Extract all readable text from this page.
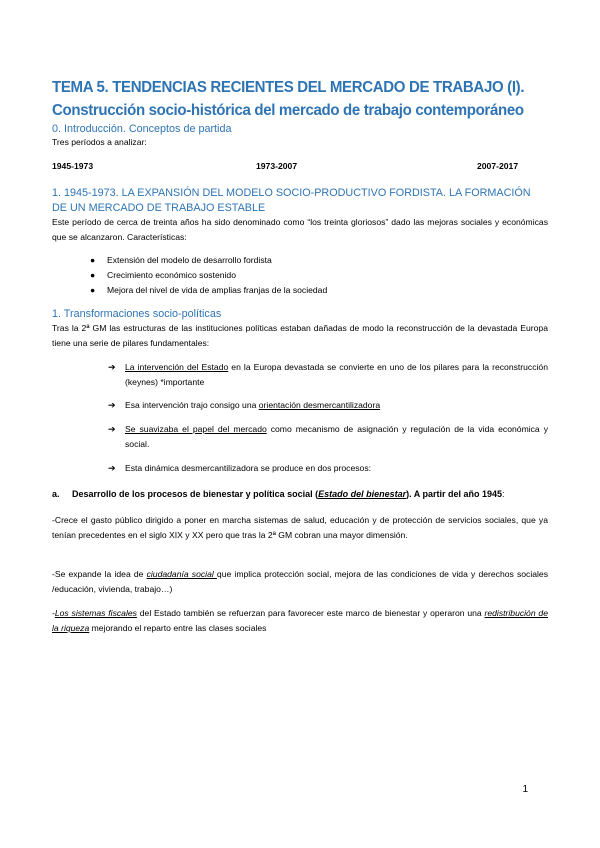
TEMA 5. TENDENCIAS RECIENTES DEL MERCADO DE TRABAJO (I). Construcción socio-histórica del mercado de trabajo contemporáneo
0. Introducción. Conceptos de partida

Tres períodos a analizar:

1945-1973	1973-2007	2007-2017
1. 1945-1973. LA EXPANSIÓN DEL MODELO SOCIO-PRODUCTIVO FORDISTA. LA FORMACIÓN DE UN MERCADO DE TRABAJO ESTABLE

Este período de cerca de treinta años ha sido denominado como “los treinta gloriosos” dado las mejoras sociales y económicas que se alcanzaron. Características:

● Extensión del modelo de desarrollo fordista
● Crecimiento económico sostenido
● Mejora del nivel de vida de amplias franjas de la sociedad
1. Transformaciones socio-políticas

Tras la 2ª GM las estructuras de las instituciones políticas estaban dañadas de modo la reconstrucción de la devastada Europa tiene una serie de pilares fundamentales:

➔	La intervención del Estado en la Europa devastada se convierte en uno de los pilares para la reconstrucción (keynes) *importante
➔	Esa intervención trajo consigo una orientación desmercantilizadora
➔	Se suavizaba el papel del mercado como mecanismo de asignación y regulación de la vida económica y social.
➔	Esta dinámica desmercantilizadora se produce en dos procesos:

a.     Desarrollo de los procesos de bienestar y política social (Estado del bienestar). A partir del año 1945:

-Crece el gasto público dirigido a poner en marcha sistemas de salud, educación y de protección de servicios sociales, que ya tenían precedentes en el siglo XIX y XX pero que tras la 2ª GM cobran una mayor dimensión.

-Se expande la idea de ciudadanía social que implica protección social, mejora de las condiciones de vida y derechos sociales /educación, vivienda, trabajo…)

-Los sistemas fiscales del Estado también se refuerzan para favorecer este marco de bienestar y operaron una redistribución de la riqueza mejorando el reparto entre las clases sociales

1
